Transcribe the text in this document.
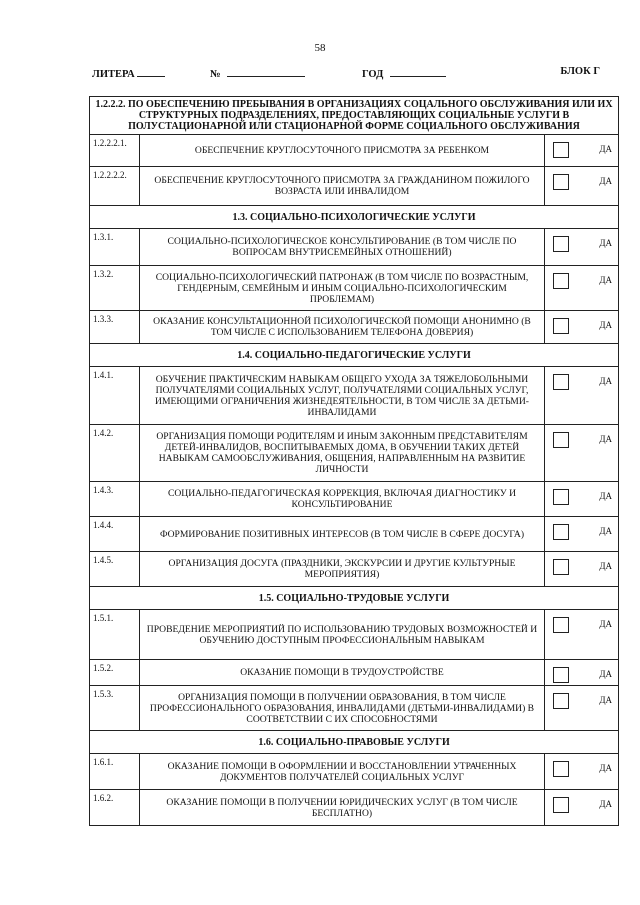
58
ЛИТЕРА	№	ГОД	БЛОК Г
1.2.2.2. ПО ОБЕСПЕЧЕНИЮ ПРЕБЫВАНИЯ В ОРГАНИЗАЦИЯХ СОЦАЛЬНОГО ОБСЛУЖИВАНИЯ ИЛИ ИХ СТРУКТУРНЫХ ПОДРАЗДЕЛЕНИЯХ, ПРЕДОСТАВЛЯЮЩИХ СОЦИАЛЬНЫЕ УСЛУГИ В ПОЛУСТАЦИОНАРНОЙ ИЛИ СТАЦИОНАРНОЙ ФОРМЕ СОЦИАЛЬНОГО ОБСЛУЖИВАНИЯ		
1.2.2.2.1.	ОБЕСПЕЧЕНИЕ КРУГЛОСУТОЧНОГО ПРИСМОТРА ЗА РЕБЕНКОМ	ДА

1.2.2.2.2.	ОБЕСПЕЧЕНИЕ КРУГЛОСУТОЧНОГО ПРИСМОТРА ЗА ГРАЖДАНИНОМ ПОЖИЛОГО ВОЗРАСТА ИЛИ ИНВАЛИДОМ	ДА

1.3. СОЦИАЛЬНО-ПСИХОЛОГИЧЕСКИЕ УСЛУГИ		
1.3.1.	СОЦИАЛЬНО-ПСИХОЛОГИЧЕСКОЕ КОНСУЛЬТИРОВАНИЕ (В ТОМ ЧИСЛЕ ПО ВОПРОСАМ ВНУТРИСЕМЕЙНЫХ ОТНОШЕНИЙ)	ДА

1.3.2.	СОЦИАЛЬНО-ПСИХОЛОГИЧЕСКИЙ ПАТРОНАЖ (В ТОМ ЧИСЛЕ ПО ВОЗРАСТНЫМ, ГЕНДЕРНЫМ, СЕМЕЙНЫМ И ИНЫМ СОЦИАЛЬНО-ПСИХОЛОГИЧЕСКИМ ПРОБЛЕМАМ)	ДА

1.3.3.	ОКАЗАНИЕ КОНСУЛЬТАЦИОННОЙ ПСИХОЛОГИЧЕСКОЙ ПОМОЩИ АНОНИМНО (В ТОМ ЧИСЛЕ С ИСПОЛЬЗОВАНИЕМ ТЕЛЕФОНА ДОВЕРИЯ)	ДА

1.4. СОЦИАЛЬНО-ПЕДАГОГИЧЕСКИЕ УСЛУГИ		
1.4.1.	ОБУЧЕНИЕ ПРАКТИЧЕСКИМ НАВЫКАМ ОБЩЕГО УХОДА ЗА ТЯЖЕЛОБОЛЬНЫМИ ПОЛУЧАТЕЛЯМИ СОЦИАЛЬНЫХ УСЛУГ, ПОЛУЧАТЕЛЯМИ СОЦИАЛЬНЫХ УСЛУГ, ИМЕЮЩИМИ ОГРАНИЧЕНИЯ ЖИЗНЕДЕЯТЕЛЬНОСТИ, В ТОМ ЧИСЛЕ ЗА ДЕТЬМИ-ИНВАЛИДАМИ	ДА

1.4.2.	ОРГАНИЗАЦИЯ ПОМОЩИ РОДИТЕЛЯМ И ИНЫМ ЗАКОННЫМ ПРЕДСТАВИТЕЛЯМ ДЕТЕЙ-ИНВАЛИДОВ, ВОСПИТЫВАЕМЫХ ДОМА, В ОБУЧЕНИИ ТАКИХ ДЕТЕЙ НАВЫКАМ САМООБСЛУЖИВАНИЯ, ОБЩЕНИЯ, НАПРАВЛЕННЫМ НА РАЗВИТИЕ ЛИЧНОСТИ	ДА

1.4.3.	СОЦИАЛЬНО-ПЕДАГОГИЧЕСКАЯ КОРРЕКЦИЯ, ВКЛЮЧАЯ ДИАГНОСТИКУ И КОНСУЛЬТИРОВАНИЕ	ДА

1.4.4.	ФОРМИРОВАНИЕ ПОЗИТИВНЫХ ИНТЕРЕСОВ (В ТОМ ЧИСЛЕ В СФЕРЕ ДОСУГА)	ДА

1.4.5.	ОРГАНИЗАЦИЯ ДОСУГА (ПРАЗДНИКИ, ЭКСКУРСИИ И ДРУГИЕ КУЛЬТУРНЫЕ МЕРОПРИЯТИЯ)	ДА

1.5. СОЦИАЛЬНО-ТРУДОВЫЕ УСЛУГИ		
1.5.1.	ПРОВЕДЕНИЕ МЕРОПРИЯТИЙ ПО ИСПОЛЬЗОВАНИЮ ТРУДОВЫХ ВОЗМОЖНОСТЕЙ И ОБУЧЕНИЮ ДОСТУПНЫМ ПРОФЕССИОНАЛЬНЫМ НАВЫКАМ	ДА

1.5.2.	ОКАЗАНИЕ ПОМОЩИ В ТРУДОУСТРОЙСТВЕ	ДА

1.5.3.	ОРГАНИЗАЦИЯ ПОМОЩИ В ПОЛУЧЕНИИ ОБРАЗОВАНИЯ, В ТОМ ЧИСЛЕ ПРОФЕССИОНАЛЬНОГО ОБРАЗОВАНИЯ, ИНВАЛИДАМИ (ДЕТЬМИ-ИНВАЛИДАМИ) В СООТВЕТСТВИИ С ИХ СПОСОБНОСТЯМИ	ДА

1.6. СОЦИАЛЬНО-ПРАВОВЫЕ УСЛУГИ		
1.6.1.	ОКАЗАНИЕ ПОМОЩИ В ОФОРМЛЕНИИ И ВОССТАНОВЛЕНИИ УТРАЧЕННЫХ ДОКУМЕНТОВ ПОЛУЧАТЕЛЕЙ СОЦИАЛЬНЫХ УСЛУГ	ДА

1.6.2.	ОКАЗАНИЕ ПОМОЩИ В ПОЛУЧЕНИИ ЮРИДИЧЕСКИХ УСЛУГ (В ТОМ ЧИСЛЕ БЕСПЛАТНО)	ДА
